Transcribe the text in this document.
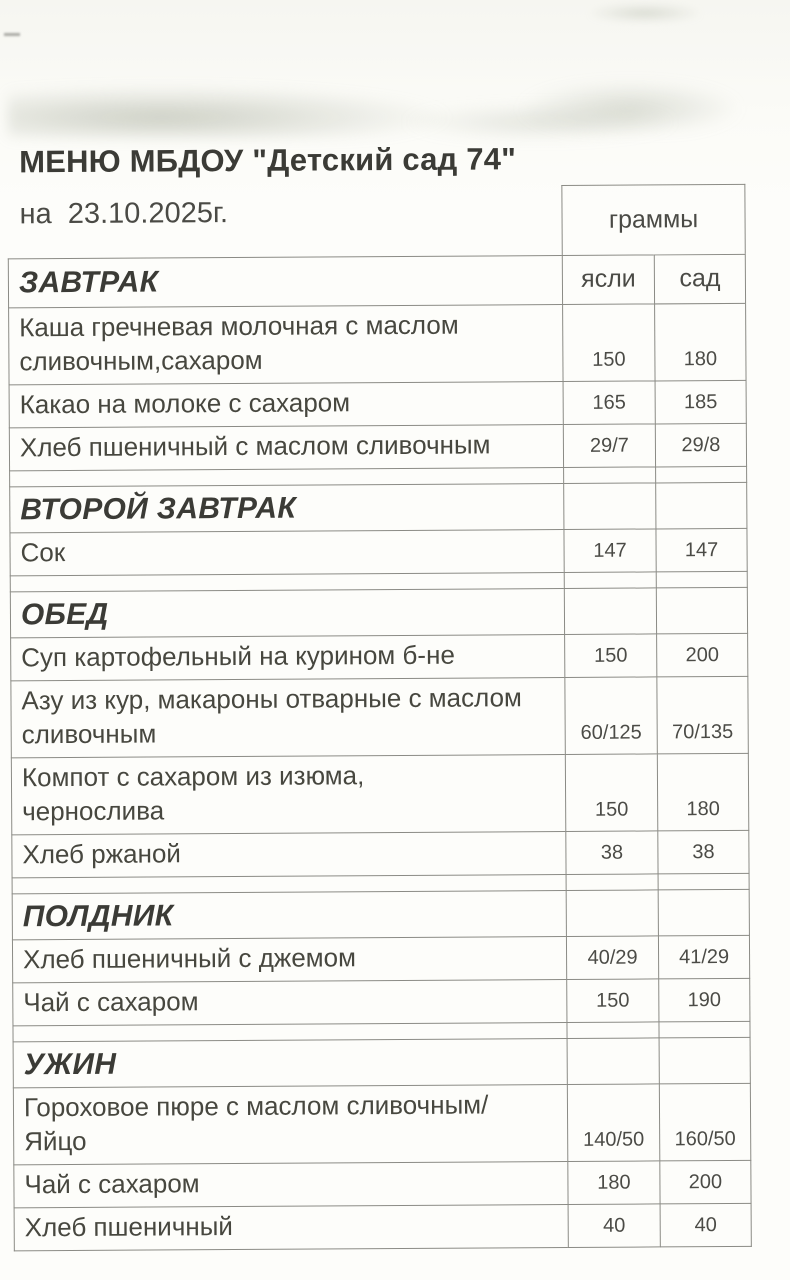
МЕНЮ МБДОУ "Детский сад 74"
на  23.10.2025г.	граммы
ЗАВТРАК	ясли	сад
Каша гречневая молочная с маслом
сливочным,сахаром	150	180
Какао на молоке с сахаром	165	185
Хлеб пшеничный с маслом сливочным	29/7	29/8
ВТОРОЙ ЗАВТРАК
Сок	147	147
ОБЕД
Суп картофельный на курином б-не	150	200
Азу из кур, макароны отварные с маслом
сливочным	60/125	70/135
Компот с сахаром из изюма,
чернослива	150	180
Хлеб ржаной	38	38
ПОЛДНИК
Хлеб пшеничный с джемом	40/29	41/29
Чай с сахаром	150	190
УЖИН
Гороховое пюре с маслом сливочным/
Яйцо	140/50	160/50
Чай с сахаром	180	200
Хлеб пшеничный	40	40
